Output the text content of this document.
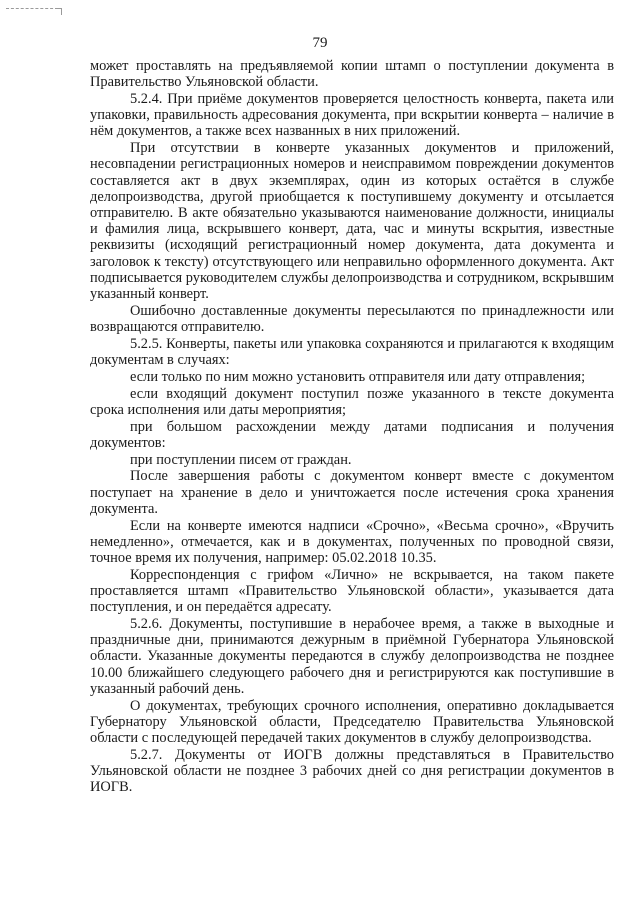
79

может проставлять на предъявляемой копии штамп о поступлении документа в Правительство Ульяновской области.

5.2.4. При приёме документов проверяется целостность конверта, пакета или упаковки, правильность адресования документа, при вскрытии конверта – наличие в нём документов, а также всех названных в них приложений.

При отсутствии в конверте указанных документов и приложений, несовпадении регистрационных номеров и неисправимом повреждении документов составляется акт в двух экземплярах, один из которых остаётся в службе делопроизводства, другой приобщается к поступившему документу и отсылается отправителю. В акте обязательно указываются наименование должности, инициалы и фамилия лица, вскрывшего конверт, дата, час и минуты вскрытия, известные реквизиты (исходящий регистрационный номер документа, дата документа и заголовок к тексту) отсутствующего или неправильно оформленного документа. Акт подписывается руководителем службы делопроизводства и сотрудником, вскрывшим указанный конверт.

Ошибочно доставленные документы пересылаются по принадлежности или возвращаются отправителю.

5.2.5. Конверты, пакеты или упаковка сохраняются и прилагаются к входящим документам в случаях:

если только по ним можно установить отправителя или дату отправления;

если входящий документ поступил позже указанного в тексте документа срока исполнения или даты мероприятия;

при большом расхождении между датами подписания и получения документов:

при поступлении писем от граждан.

После завершения работы с документом конверт вместе с документом поступает на хранение в дело и уничтожается после истечения срока хранения документа.

Если на конверте имеются надписи «Срочно», «Весьма срочно», «Вручить немедленно», отмечается, как и в документах, полученных по проводной связи, точное время их получения, например: 05.02.2018 10.35.

Корреспонденция с грифом «Лично» не вскрывается, на таком пакете проставляется штамп «Правительство Ульяновской области», указывается дата поступления, и он передаётся адресату.

5.2.6. Документы, поступившие в нерабочее время, а также в выходные и праздничные дни, принимаются дежурным в приёмной Губернатора Ульяновской области. Указанные документы передаются в службу делопроизводства не позднее 10.00 ближайшего следующего рабочего дня и регистрируются как поступившие в указанный рабочий день.

О документах, требующих срочного исполнения, оперативно докладывается Губернатору Ульяновской области, Председателю Правительства Ульяновской области с последующей передачей таких документов в службу делопроизводства.

5.2.7. Документы от ИОГВ должны представляться в Правительство Ульяновской области не позднее 3 рабочих дней со дня регистрации документов в ИОГВ.
